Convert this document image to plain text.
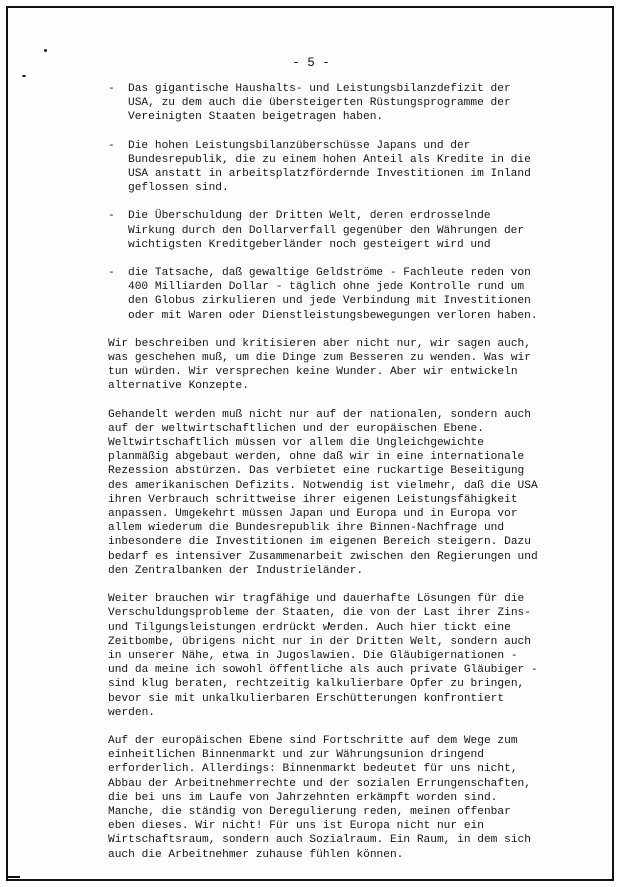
- 5 -
-	Das gigantische Haushalts- und Leistungsbilanzdefizit der
USA, zu dem auch die übersteigerten Rüstungsprogramme der
Vereinigten Staaten beigetragen haben.
-	Die hohen Leistungsbilanzüberschüsse Japans und der
Bundesrepublik, die zu einem hohen Anteil als Kredite in die
USA anstatt in arbeitsplatzfördernde Investitionen im Inland
geflossen sind.
-	Die Überschuldung der Dritten Welt, deren erdrosselnde
Wirkung durch den Dollarverfall gegenüber den Währungen der
wichtigsten Kreditgeberländer noch gesteigert wird und
-	die Tatsache, daß gewaltige Geldströme - Fachleute reden von
400 Milliarden Dollar - täglich ohne jede Kontrolle rund um
den Globus zirkulieren und jede Verbindung mit Investitionen
oder mit Waren oder Dienstleistungsbewegungen verloren haben.
Wir beschreiben und kritisieren aber nicht nur, wir sagen auch,
was geschehen muß, um die Dinge zum Besseren zu wenden. Was wir
tun würden. Wir versprechen keine Wunder. Aber wir entwickeln
alternative Konzepte.
Gehandelt werden muß nicht nur auf der nationalen, sondern auch
auf der weltwirtschaftlichen und der europäischen Ebene.
Weltwirtschaftlich müssen vor allem die Ungleichgewichte
planmäßig abgebaut werden, ohne daß wir in eine internationale
Rezession abstürzen. Das verbietet eine ruckartige Beseitigung
des amerikanischen Defizits. Notwendig ist vielmehr, daß die USA
ihren Verbrauch schrittweise ihrer eigenen Leistungsfähigkeit
anpassen. Umgekehrt müssen Japan und Europa und in Europa vor
allem wiederum die Bundesrepublik ihre Binnen-Nachfrage und
inbesondere die Investitionen im eigenen Bereich steigern. Dazu
bedarf es intensiver Zusammenarbeit zwischen den Regierungen und
den Zentralbanken der Industrieländer.
Weiter brauchen wir tragfähige und dauerhafte Lösungen für die
Verschuldungsprobleme der Staaten, die von der Last ihrer Zins-
und Tilgungsleistungen erdrückt werden. Auch hier tickt eine
Zeitbombe, übrigens nicht nur in der Dritten Welt, sondern auch
in unserer Nähe, etwa in Jugoslawien. Die Gläubigernationen -
und da meine ich sowohl öffentliche als auch private Gläubiger -
sind klug beraten, rechtzeitig kalkulierbare Opfer zu bringen,
bevor sie mit unkalkulierbaren Erschütterungen konfrontiert
werden.
Auf der europäischen Ebene sind Fortschritte auf dem Wege zum
einheitlichen Binnenmarkt und zur Währungsunion dringend
erforderlich. Allerdings: Binnenmarkt bedeutet für uns nicht,
Abbau der Arbeitnehmerrechte und der sozialen Errungenschaften,
die bei uns im Laufe von Jahrzehnten erkämpft worden sind.
Manche, die ständig von Deregulierung reden, meinen offenbar
eben dieses. Wir nicht! Für uns ist Europa nicht nur ein
Wirtschaftsraum, sondern auch Sozialraum. Ein Raum, in dem sich
auch die Arbeitnehmer zuhause fühlen können.
